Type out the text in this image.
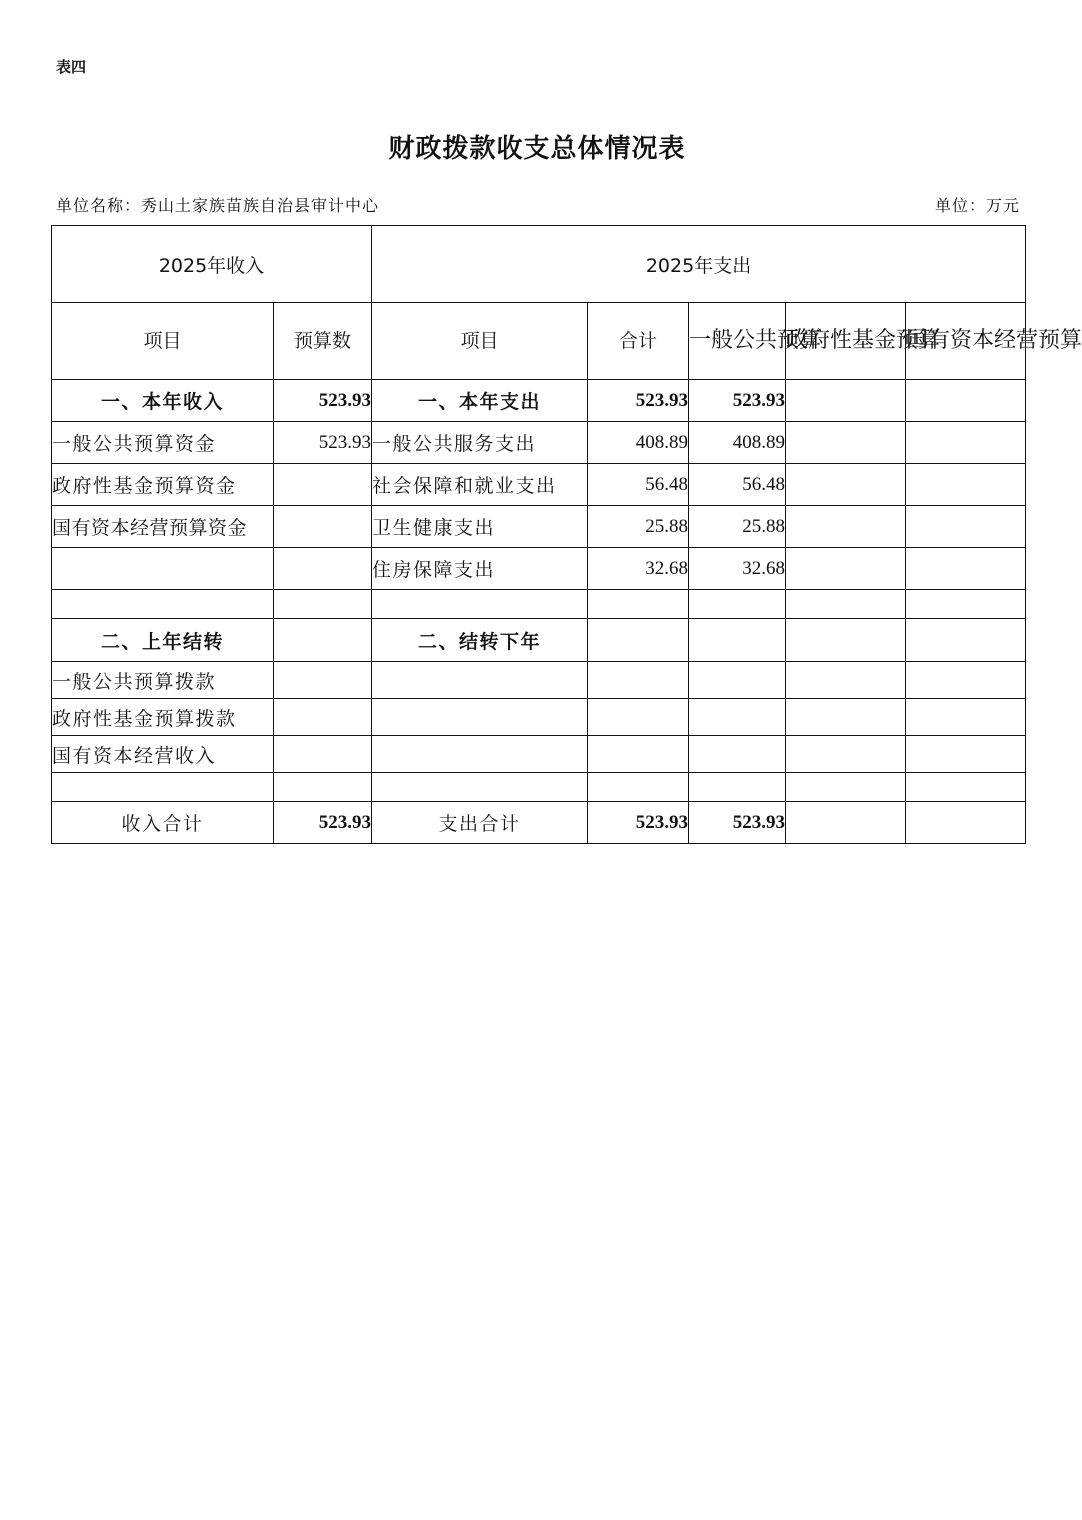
表四
财政拨款收支总体情况表
单位名称：秀山土家族苗族自治县审计中心	单位：万元
2025年收入		2025年支出				
项目	预算数	项目	合计	一般公共预算	政府性基金预算	国有资本经营预算
一、本年收入	523.93	一、本年支出	523.93	523.93		
一般公共预算资金	523.93	一般公共服务支出	408.89	408.89		
政府性基金预算资金		社会保障和就业支出	56.48	56.48		
国有资本经营预算资金		卫生健康支出	25.88	25.88		
		住房保障支出	32.68	32.68		

二、上年结转		二、结转下年				
一般公共预算拨款						
政府性基金预算拨款						
国有资本经营收入						

收入合计	523.93	支出合计	523.93	523.93		
